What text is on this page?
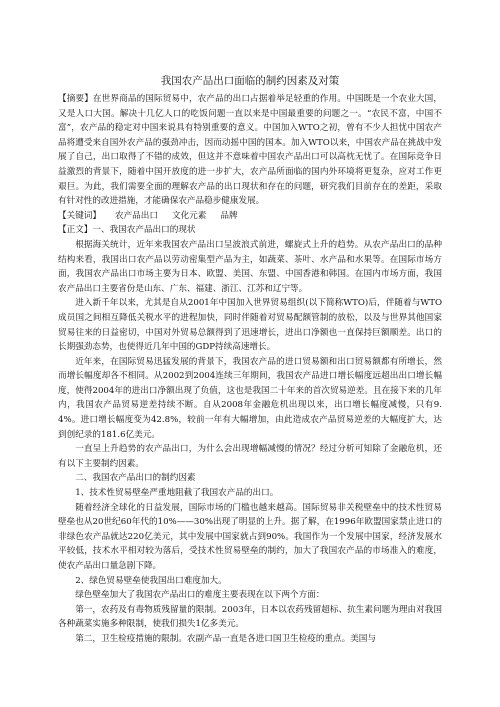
我国农产品出口面临的制约因素及对策

【摘要】在世界商品的国际贸易中，农产品的出口占据着举足轻重的作用。中国既是一个农业大国，又是人口大国。解决十几亿人口的吃饭问题一直以来是中国最重要的问题之一。“农民不富，中国不富”，农产品的稳定对中国来说具有特别重要的意义。中国加入WTO之初，曾有不少人担忧中国农产品将遭受来自国外农产品的强劲冲击，因而动摇中国的国本。加入WTO以来，中国农产品在挑战中发展了自己，出口取得了不错的成效，但这并不意味着中国农产品出口可以高枕无忧了。在国际竞争日益激烈的背景下，随着中国开放度的进一步扩大，农产品所面临的国内外环境将更复杂，应对工作更艰巨。为此，我们需要全面的理解农产品的出口现状和存在的问题，研究我们目前存在的差距，采取有针对性的改进措施，才能确保农产品稳步健康发展。

【关键词】 农产品出口 文化元素 品牌

【正文】一、我国农产品出口的现状

根据海关统计，近年来我国农产品出口呈波浪式前进，螺旋式上升的趋势。从农产品出口的品种结构来看，我国出口农产品以劳动密集型产品为主，如蔬菜、茶叶、水产品和水果等。在国际市场方面，我国农产品出口市场主要为日本、欧盟、美国、东盟、中国香港和韩国。在国内市场方面，我国农产品出口主要省份是山东、广东、福建、浙江、江苏和辽宁等。

进入新千年以来，尤其是自从2001年中国加入世界贸易组织(以下简称WTO)后，伴随着与WTO成员国之间相互降低关税水平的进程加快，同时伴随着对贸易配额管制的放松，以及与世界其他国家贸易往来的日益密切，中国对外贸易总额得到了迅速增长，进出口净额也一直保持巨额顺差。出口的长期强劲态势，也使得近几年中国的GDP持续高速增长。

近年来，在国际贸易迅猛发展的背景下，我国农产品的进口贸易额和出口贸易额都有所增长，然而增长幅度却各不相同。从2002到2004连续三年期间，我国农产品进口增长幅度远超出出口增长幅度，使得2004年的进出口净额出现了负值，这也是我国二十年来的首次贸易逆差。且在接下来的几年内，我国农产品贸易逆差持续不断。自从2008年金融危机出现以来，出口增长幅度减慢，只有9.4%。进口增长幅度变为42.8%，较前一年有大幅增加，由此造成农产品贸易逆差的大幅度扩大，达到创纪录的181.6亿美元。

一直呈上升趋势的农产品出口，为什么会出现增幅减慢的情况？经过分析可知除了金融危机，还有以下主要制约因素。

二、我国农产品出口的制约因素

1、技术性贸易壁垒严重地阻截了我国农产品的出口。

随着经济全球化的日益发展，国际市场的门槛也越来越高。国际贸易非关税壁垒中的技术性贸易壁垒也从20世纪60年代的10%——30%出现了明显的上升。据了解，在1996年欧盟国家禁止进口的非绿色农产品就达220亿美元，其中发展中国家就占到90%。我国作为一个发展中国家，经济发展水平较低，技术水平相对较为落后，受技术性贸易壁垒的制约，加大了我国农产品的市场准入的难度，使农产品出口量急剧下降。

2、绿色贸易壁垒使我国出口难度加大。

绿色壁垒加大了我国农产品出口的难度主要表现在以下两个方面：

第一，农药及有毒物质残留量的限制。2003年，日本以农药残留超标、抗生素问题为理由对我国各种蔬菜实施多种限制，使我们损失1亿多美元。

第二，卫生检疫措施的限制。农副产品一直是各进口国卫生检疫的重点。美国与
